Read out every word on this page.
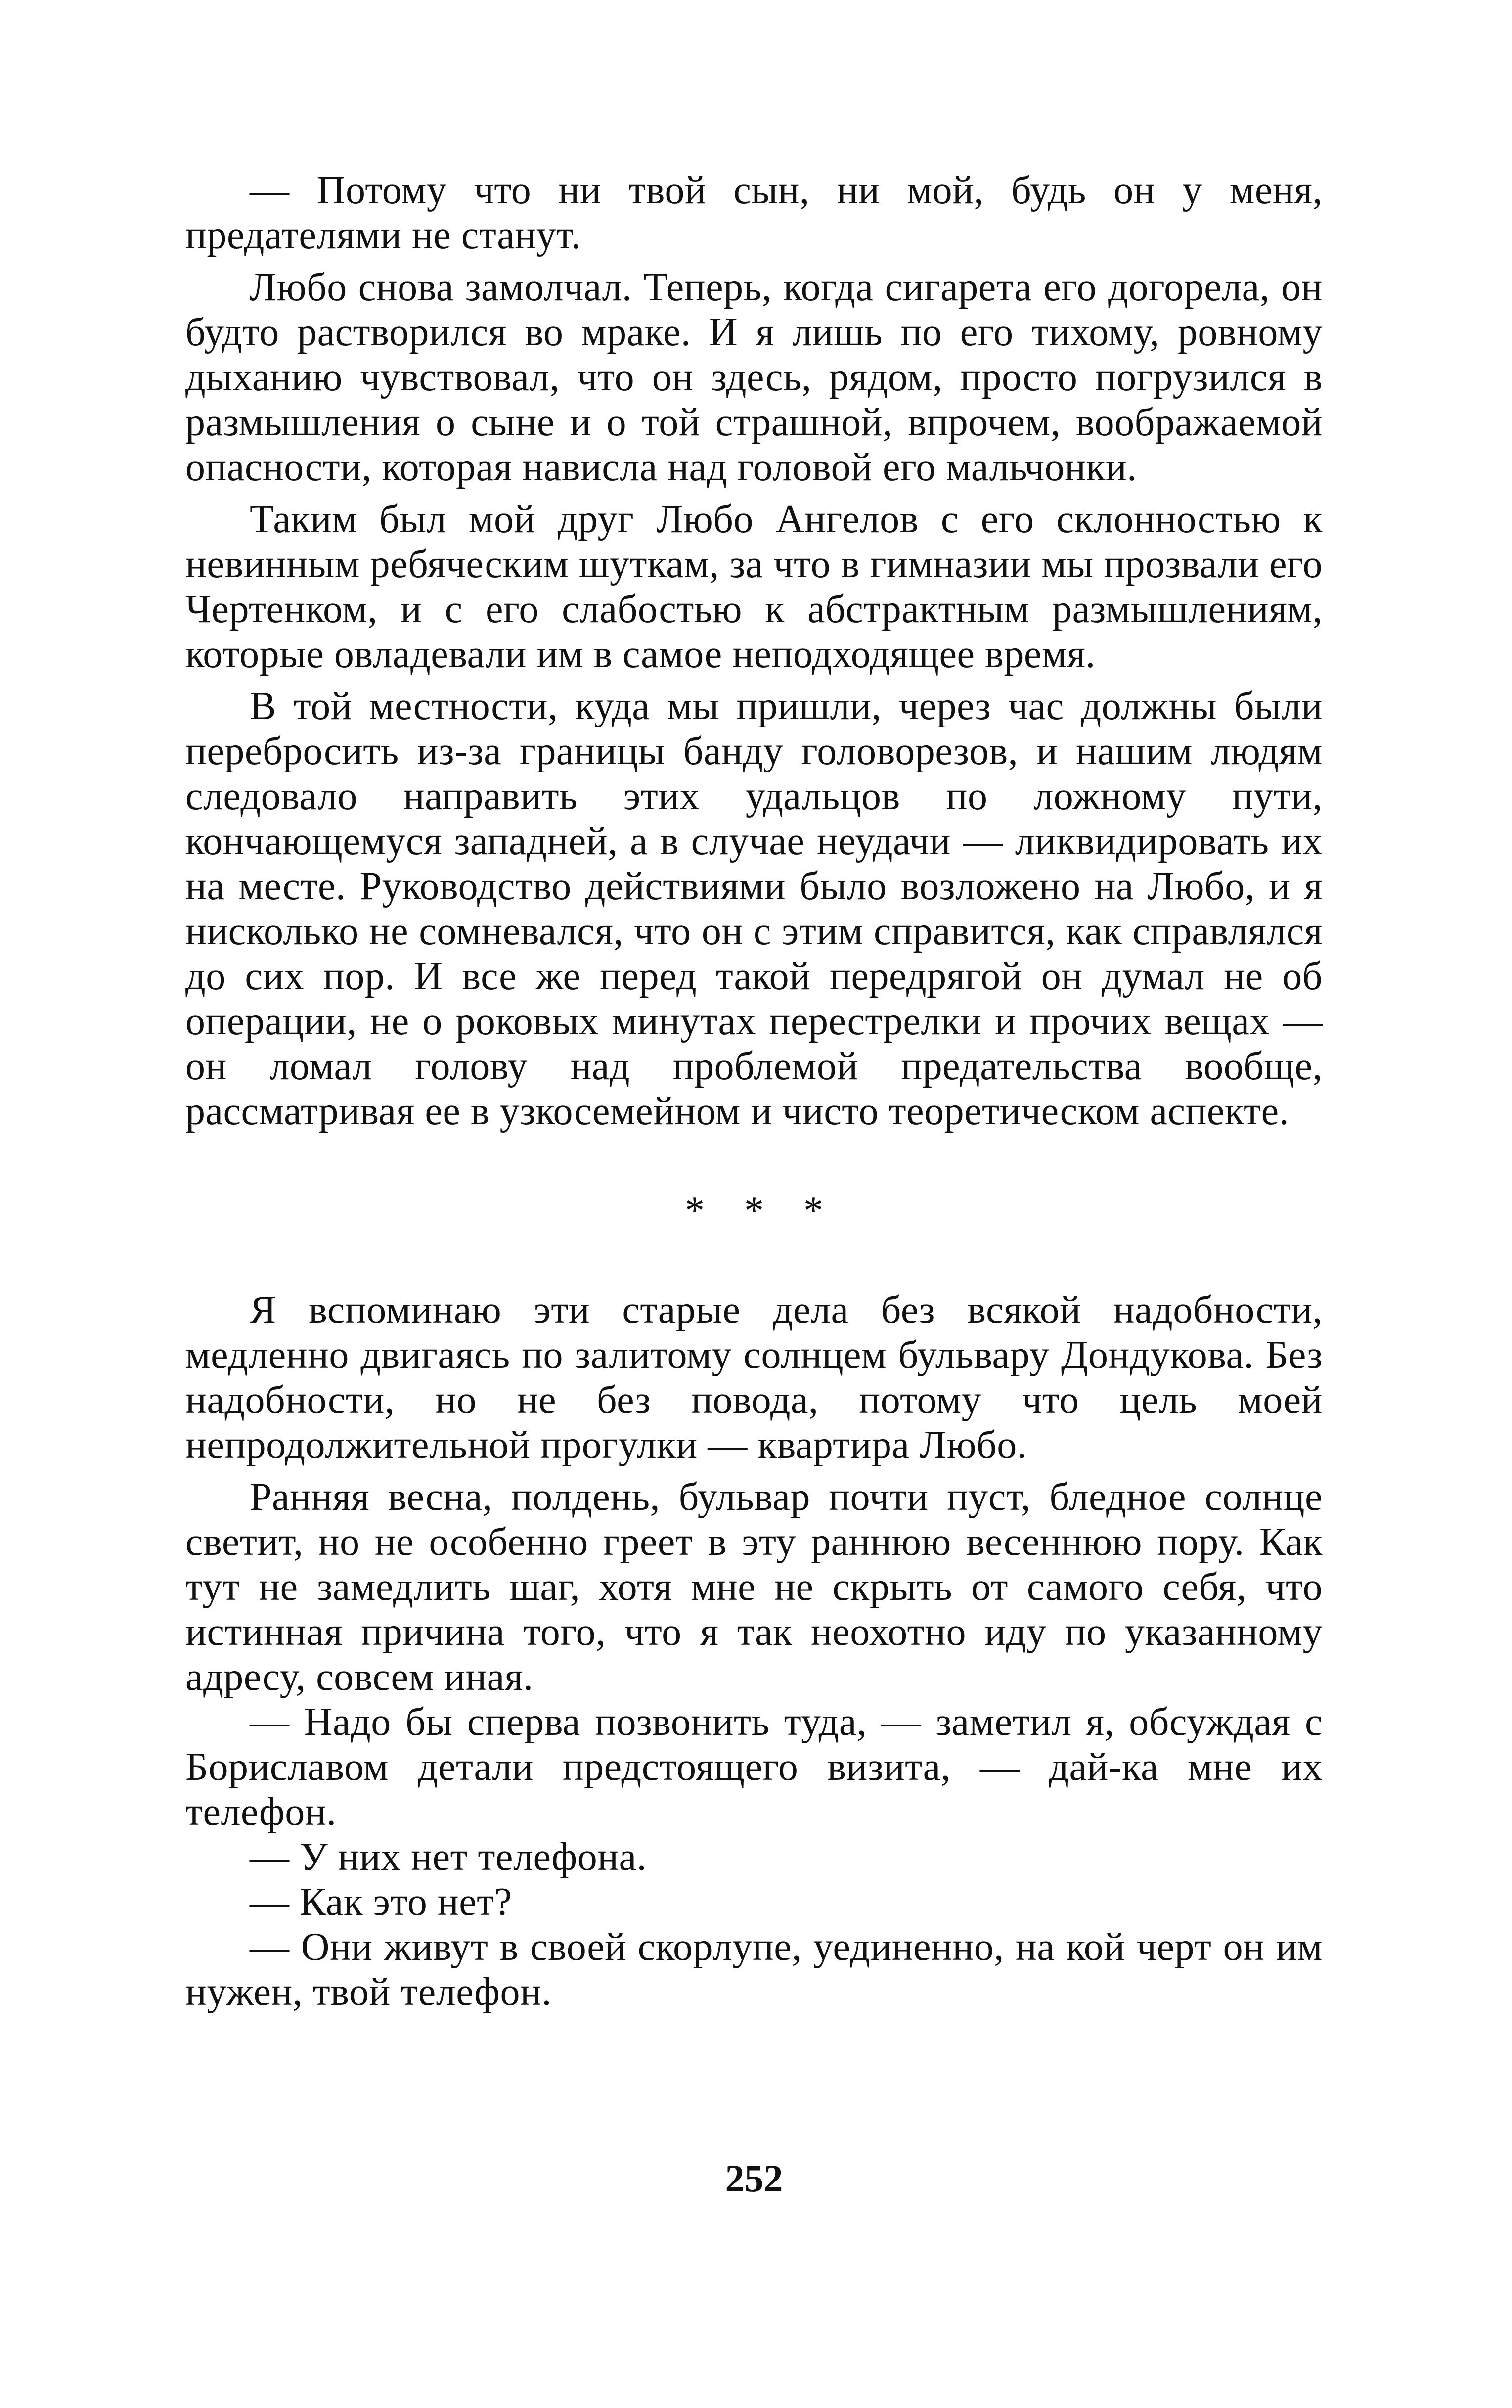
— Потому что ни твой сын, ни мой, будь он у меня, предателями не станут.

Любо снова замолчал. Теперь, когда сигарета его догорела, он будто растворился во мраке. И я лишь по его тихому, ровному дыханию чувствовал, что он здесь, рядом, просто погрузился в размышления о сыне и о той страшной, впрочем, воображаемой опасности, которая нависла над головой его мальчонки.

Таким был мой друг Любо Ангелов с его склонностью к невинным ребяческим шуткам, за что в гимназии мы прозвали его Чертенком, и с его слабостью к абстрактным размышлениям, которые овладевали им в самое неподходящее время.

В той местности, куда мы пришли, через час должны были перебросить из-за границы банду головорезов, и нашим людям следовало направить этих удальцов по ложному пути, кончающемуся западней, а в случае неудачи — ликвидировать их на месте. Руководство действиями было возложено на Любо, и я нисколько не сомневался, что он с этим справится, как справлялся до сих пор. И все же перед такой передрягой он думал не об операции, не о роковых минутах перестрелки и прочих вещах — он ломал голову над проблемой предательства вообще, рассматривая ее в узкосемейном и чисто теоретическом аспекте.

* * *

Я вспоминаю эти старые дела без всякой надобности, медленно двигаясь по залитому солнцем бульвару Дондукова. Без надобности, но не без повода, потому что цель моей непродолжительной прогулки — квартира Любо.

Ранняя весна, полдень, бульвар почти пуст, бледное солнце светит, но не особенно греет в эту раннюю весеннюю пору. Как тут не замедлить шаг, хотя мне не скрыть от самого себя, что истинная причина того, что я так неохотно иду по указанному адресу, совсем иная.

— Надо бы сперва позвонить туда, — заметил я, обсуждая с Бориславом детали предстоящего визита, — дай-ка мне их телефон.

— У них нет телефона.

— Как это нет?

— Они живут в своей скорлупе, уединенно, на кой черт он им нужен, твой телефон.

252
